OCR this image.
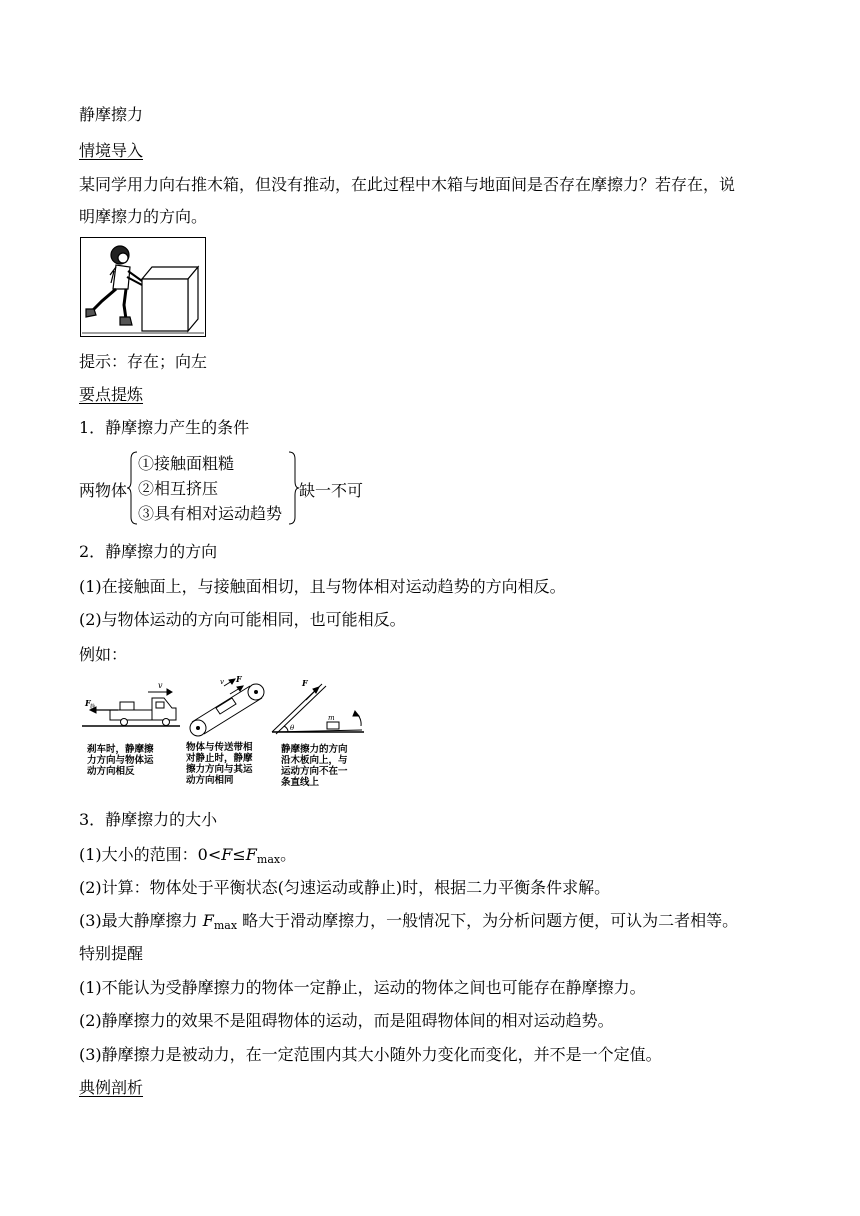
静摩擦力
情境导入
某同学用力向右推木箱，但没有推动，在此过程中木箱与地面间是否存在摩擦力？若存在，说
明摩擦力的方向。
提示：存在；向左
要点提炼
1．静摩擦力产生的条件
两物体
①接触面粗糙
②相互挤压
③具有相对运动趋势
缺一不可
2．静摩擦力的方向
(1)在接触面上，与接触面相切，且与物体相对运动趋势的方向相反。
(2)与物体运动的方向可能相同，也可能相反。
例如：
F 静
v
F
v	F
m
θ
刹车时，静摩擦
力方向与物体运
动方向相反
物体与传送带相
对静止时，静摩
擦力方向与其运
动方向相同
静摩擦力的方向
沿木板向上，与
运动方向不在一
条直线上
3．静摩擦力的大小
(1)大小的范围：0<F≤Fmax。
(2)计算：物体处于平衡状态(匀速运动或静止)时，根据二力平衡条件求解。
(3)最大静摩擦力 Fmax 略大于滑动摩擦力，一般情况下，为分析问题方便，可认为二者相等。
特别提醒
(1)不能认为受静摩擦力的物体一定静止，运动的物体之间也可能存在静摩擦力。
(2)静摩擦力的效果不是阻碍物体的运动，而是阻碍物体间的相对运动趋势。
(3)静摩擦力是被动力，在一定范围内其大小随外力变化而变化，并不是一个定值。
典例剖析
